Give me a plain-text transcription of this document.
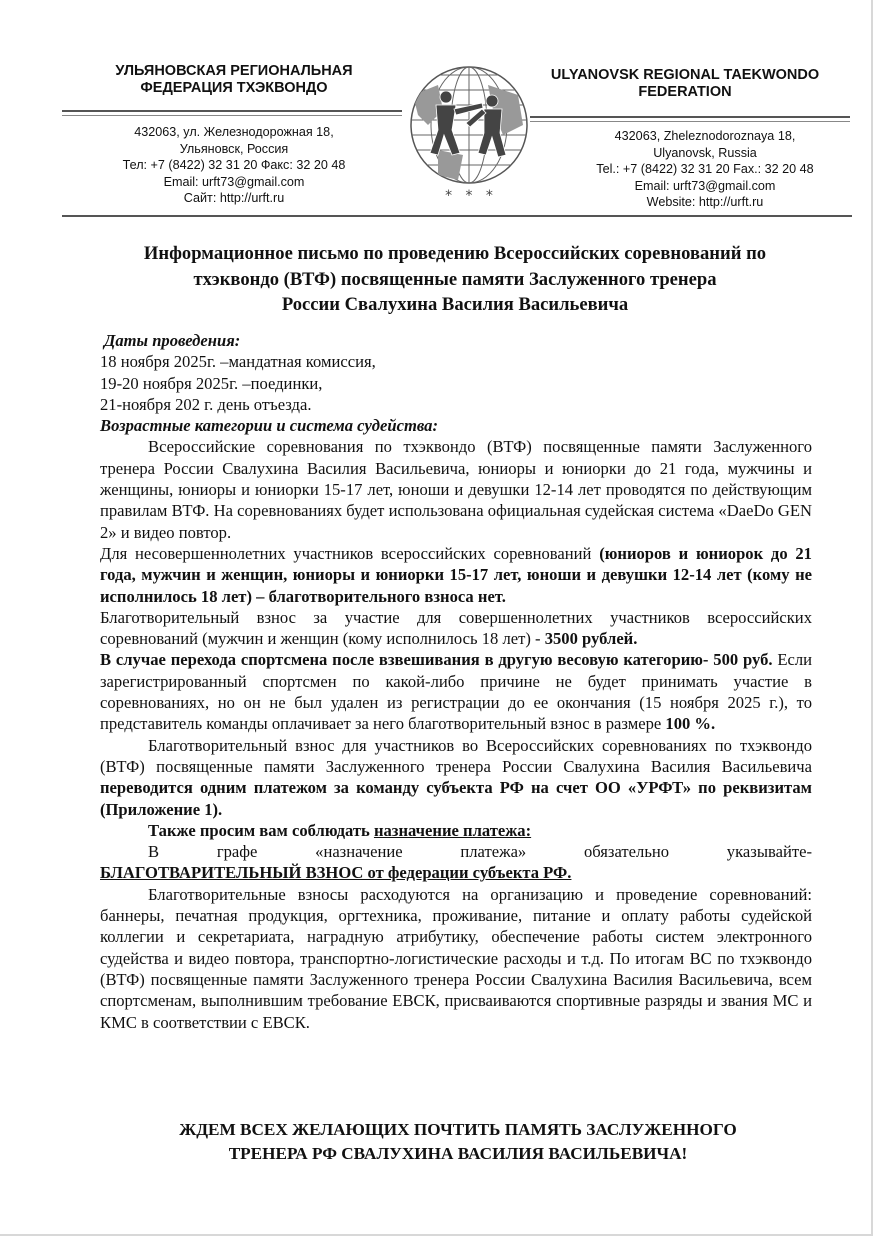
УЛЬЯНОВСКАЯ РЕГИОНАЛЬНАЯ
ФЕДЕРАЦИЯ ТХЭКВОНДО
432063, ул. Железнодорожная 18,
Ульяновск, Россия
Тел: +7 (8422) 32 31 20 Факс: 32 20 48
Email: urft73@gmail.com
Сайт: http://urft.ru	*   *   *
ULYANOVSK REGIONAL TAEKWONDO
FEDERATION
432063, Zheleznodoroznaya 18,
Ulyanovsk, Russia
Tel.: +7 (8422) 32 31 20 Fax.: 32 20 48
Email: urft73@gmail.com
Website: http://urft.ru
Информационное письмо по проведению Всероссийских соревнований по
тхэквондо (ВТФ) посвященные памяти Заслуженного тренера
России Свалухина Василия Васильевича

Даты проведения:

18 ноября 2025г. –мандатная комиссия,

19-20 ноября 2025г. –поединки,

21-ноября 202 г. день отъезда.

Возрастные категории и система судейства:

Всероссийские соревнования по тхэквондо (ВТФ) посвященные памяти Заслуженного тренера России Свалухина Василия Васильевича, юниоры и юниорки до 21 года, мужчины и женщины, юниоры и юниорки 15-17 лет, юноши и девушки 12-14 лет проводятся по действующим правилам ВТФ. На соревнованиях будет использована официальная судейская система «DaeDo GEN 2» и видео повтор.

Для несовершеннолетних участников всероссийских соревнований (юниоров и юниорок до 21 года, мужчин и женщин, юниоры и юниорки 15-17 лет, юноши и девушки 12-14 лет (кому не исполнилось 18 лет) – благотворительного взноса нет.

Благотворительный взнос за участие для совершеннолетних участников всероссийских соревнований (мужчин и женщин (кому исполнилось 18 лет) - 3500 рублей.

В случае перехода спортсмена после взвешивания в другую весовую категорию- 500 руб. Если зарегистрированный спортсмен по какой-либо причине не будет принимать участие в соревнованиях, но он не был удален из регистрации до ее окончания (15 ноября 2025 г.), то представитель команды оплачивает за него благотворительный взнос в размере 100 %.

Благотворительный взнос для участников во Всероссийских соревнованиях по тхэквондо (ВТФ) посвященные памяти Заслуженного тренера России Свалухина Василия Васильевича переводится одним платежом за команду субъекта РФ на счет ОО «УРФТ» по реквизитам (Приложение 1).

Также просим вам соблюдать назначение платежа:

В	графе	«назначение	платежа»	обязательно	указывайте-

БЛАГОТВАРИТЕЛЬНЫЙ ВЗНОС от федерации субъекта РФ.

Благотворительные взносы расходуются на организацию и проведение соревнований: баннеры, печатная продукция, оргтехника, проживание, питание и оплату работы судейской коллегии и секретариата, наградную атрибутику, обеспечение работы систем электронного судейства и видео повтора, транспортно-логистические расходы и т.д. По итогам ВС по тхэквондо (ВТФ) посвященные памяти Заслуженного тренера России Свалухина Василия Васильевича, всем спортсменам, выполнившим требование ЕВСК, присваиваются спортивные разряды и звания МС и КМС в соответствии с ЕВСК.

ЖДЕМ ВСЕХ ЖЕЛАЮЩИХ ПОЧТИТЬ ПАМЯТЬ ЗАСЛУЖЕННОГО
ТРЕНЕРА РФ СВАЛУХИНА ВАСИЛИЯ ВАСИЛЬЕВИЧА!
